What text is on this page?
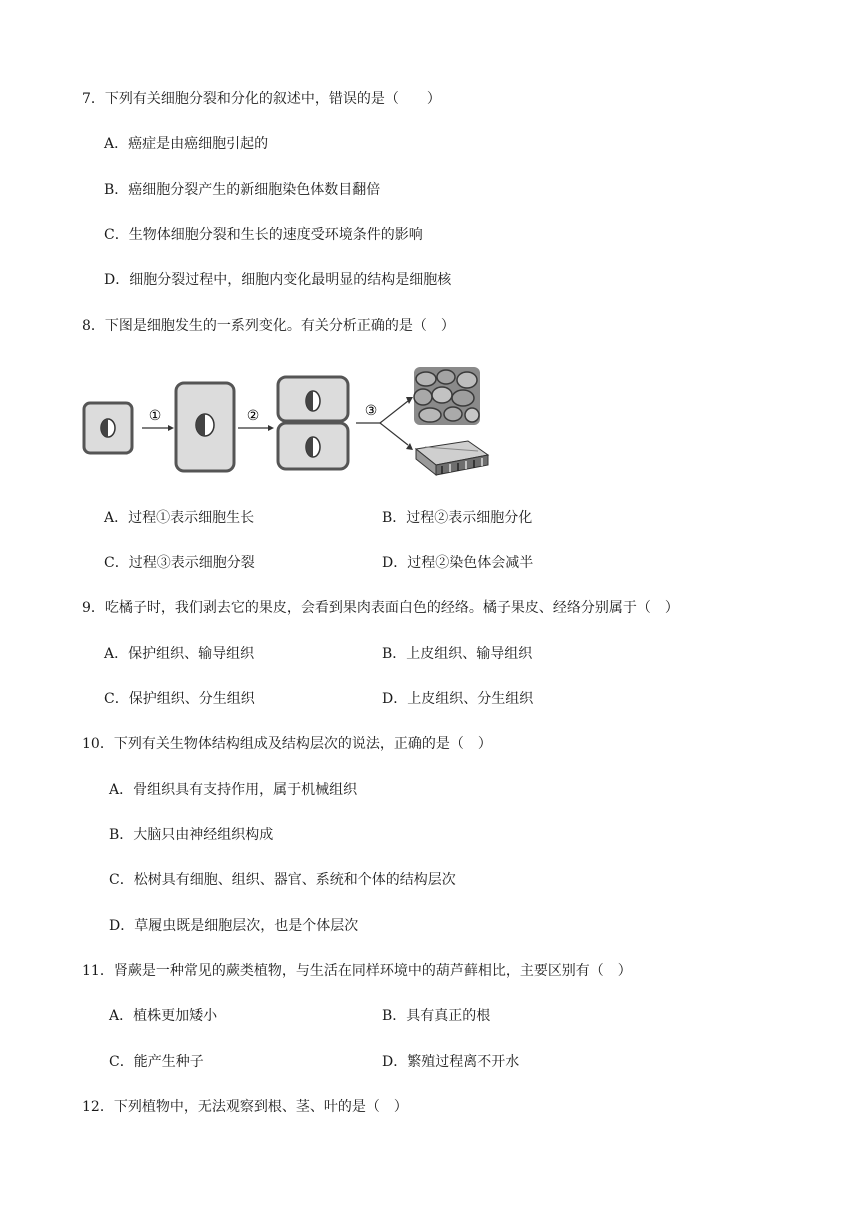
7．下列有关细胞分裂和分化的叙述中，错误的是（　　）
A．癌症是由癌细胞引起的
B．癌细胞分裂产生的新细胞染色体数目翻倍
C．生物体细胞分裂和生长的速度受环境条件的影响
D．细胞分裂过程中，细胞内变化最明显的结构是细胞核
8．下图是细胞发生的一系列变化。有关分析正确的是（　）
①	②	③
A．过程①表示细胞生长	B．过程②表示细胞分化
C．过程③表示细胞分裂	D．过程②染色体会减半
9．吃橘子时，我们剥去它的果皮，会看到果肉表面白色的经络。橘子果皮、经络分别属于（　）
A．保护组织、输导组织	B．上皮组织、输导组织
C．保护组织、分生组织	D．上皮组织、分生组织
10．下列有关生物体结构组成及结构层次的说法，正确的是（　）
A．骨组织具有支持作用，属于机械组织
B．大脑只由神经组织构成
C．松树具有细胞、组织、器官、系统和个体的结构层次
D．草履虫既是细胞层次，也是个体层次
11．肾蕨是一种常见的蕨类植物，与生活在同样环境中的葫芦藓相比，主要区别有（　）
A．植株更加矮小	B．具有真正的根
C．能产生种子	D．繁殖过程离不开水
12．下列植物中，无法观察到根、茎、叶的是（　）
